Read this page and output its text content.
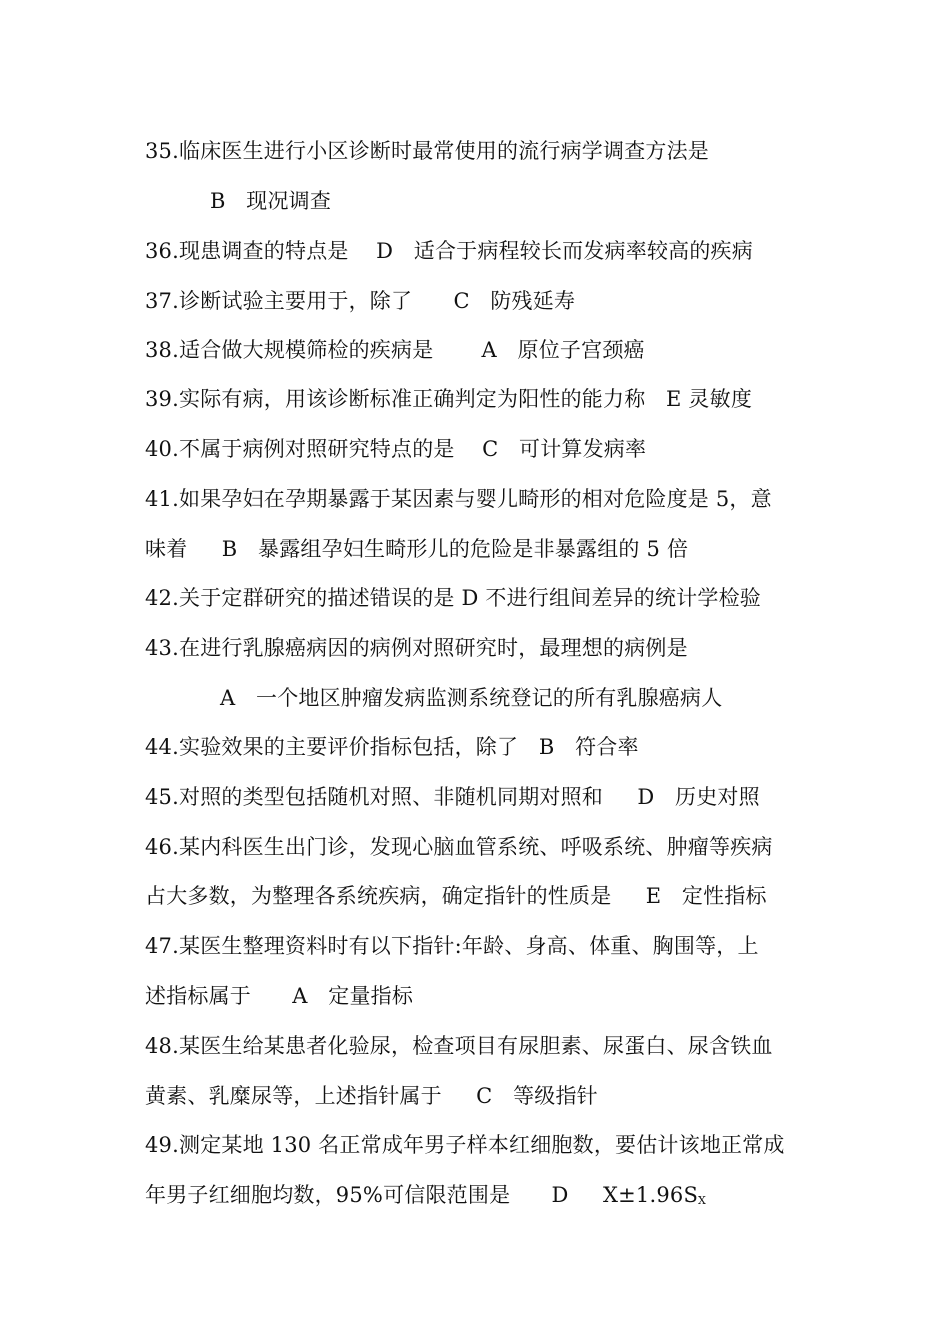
35.临床医生进行小区诊断时最常使用的流行病学调查方法是
B   现况调查
36.现患调查的特点是    D   适合于病程较长而发病率较高的疾病
37.诊断试验主要用于，除了      C   防残延寿
38.适合做大规模筛检的疾病是       A   原位子宫颈癌
39.实际有病，用该诊断标准正确判定为阳性的能力称   E 灵敏度
40.不属于病例对照研究特点的是    C   可计算发病率
41.如果孕妇在孕期暴露于某因素与婴儿畸形的相对危险度是 5，意
味着     B   暴露组孕妇生畸形儿的危险是非暴露组的 5 倍
42.关于定群研究的描述错误的是 D 不进行组间差异的统计学检验
43.在进行乳腺癌病因的病例对照研究时，最理想的病例是
A   一个地区肿瘤发病监测系统登记的所有乳腺癌病人
44.实验效果的主要评价指标包括，除了   B   符合率
45.对照的类型包括随机对照、非随机同期对照和     D   历史对照
46.某内科医生出门诊，发现心脑血管系统、呼吸系统、肿瘤等疾病
占大多数，为整理各系统疾病，确定指针的性质是     E   定性指标
47.某医生整理资料时有以下指针:年龄、身高、体重、胸围等，上
述指标属于      A   定量指标
48.某医生给某患者化验尿，检查项目有尿胆素、尿蛋白、尿含铁血
黄素、乳糜尿等，上述指针属于     C   等级指针
49.测定某地 130 名正常成年男子样本红细胞数，要估计该地正常成
年男子红细胞均数，95%可信限范围是      D     $X\pm 1.96S_X$
